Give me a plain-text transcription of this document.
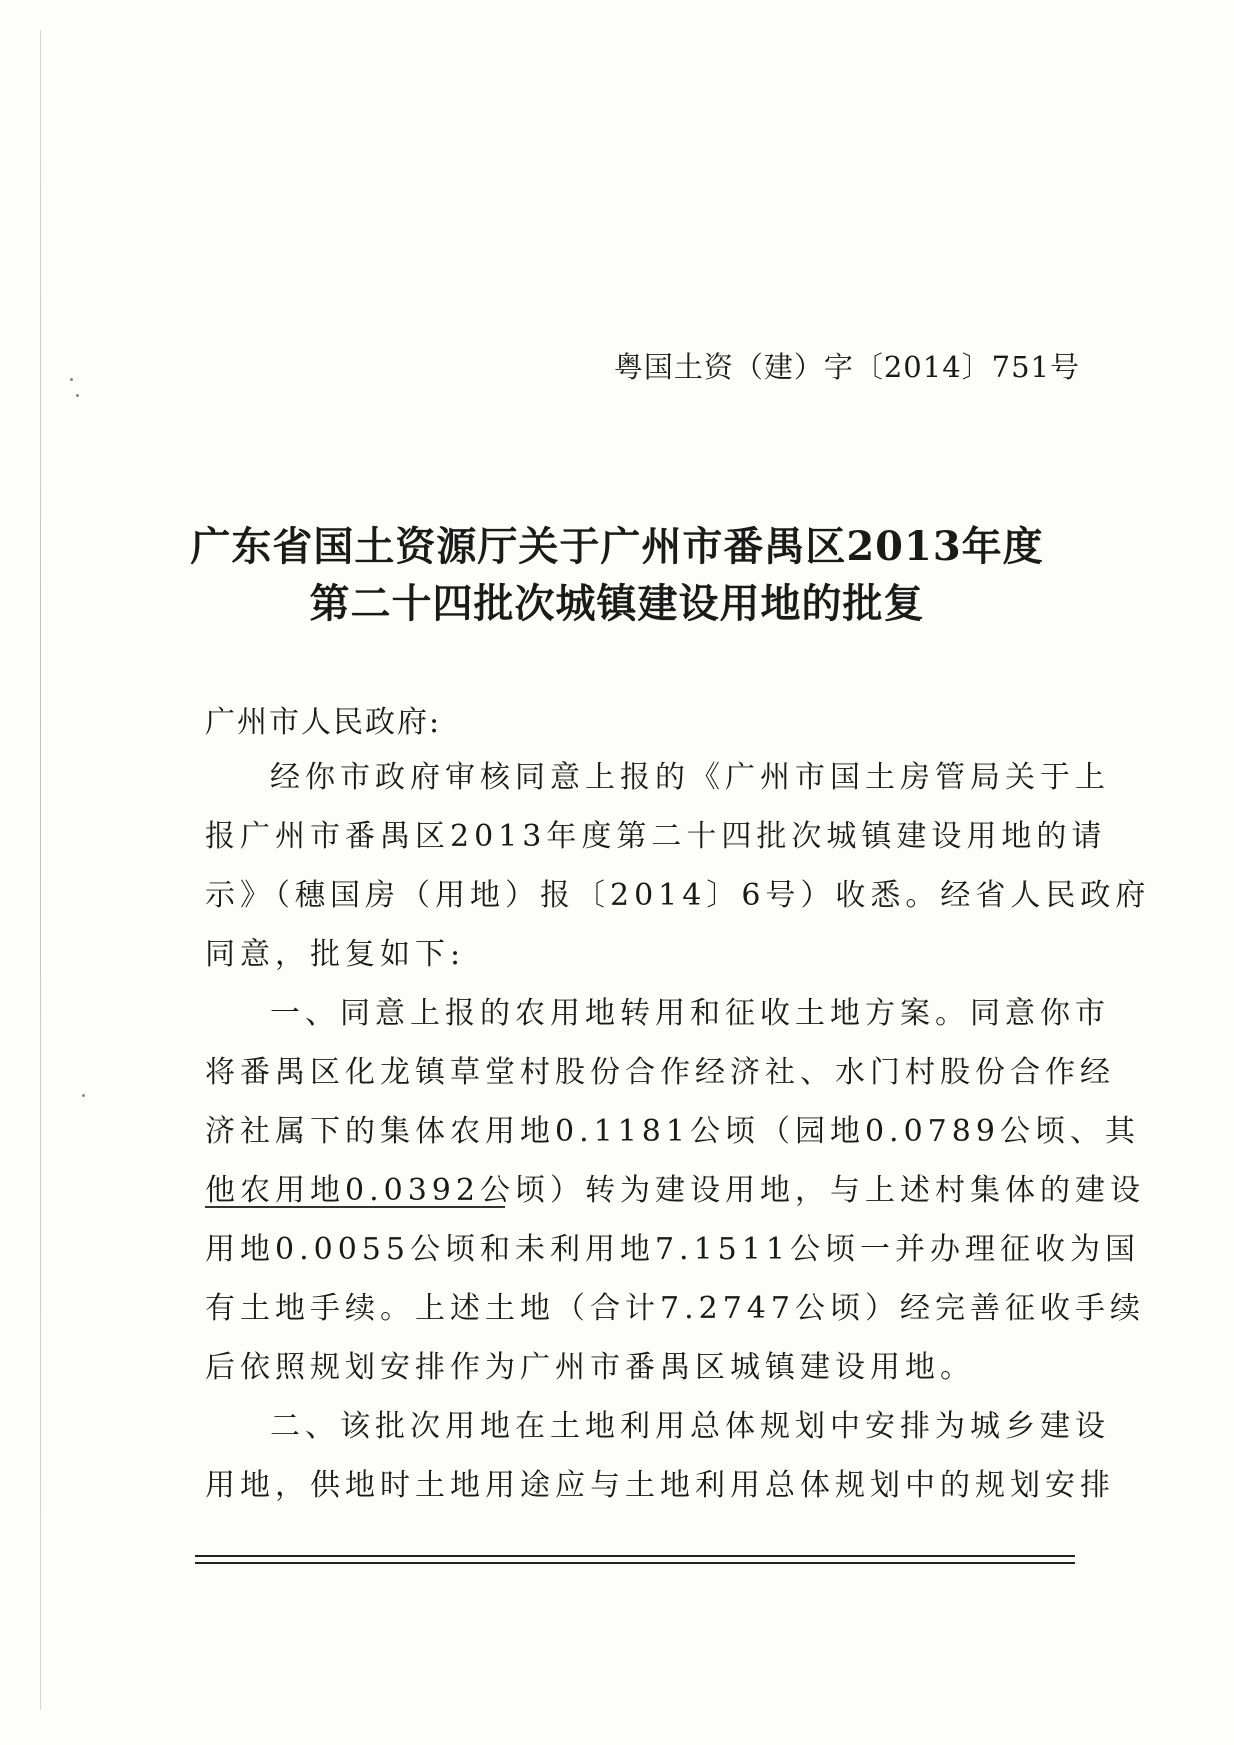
粤国土资（建）字〔2014〕751号
广东省国土资源厅关于广州市番禺区2013年度
第二十四批次城镇建设用地的批复
广州市人民政府:
经你市政府审核同意上报的《广州市国土房管局关于上
报广州市番禺区2013年度第二十四批次城镇建设用地的请
示》（穗国房（用地）报〔2014〕6号）收悉。经省人民政府
同意，批复如下:
一、同意上报的农用地转用和征收土地方案。同意你市
将番禺区化龙镇草堂村股份合作经济社、水门村股份合作经
济社属下的集体农用地0.1181公顷（园地0.0789公顷、其
他农用地0.0392公顷）转为建设用地，与上述村集体的建设
用地0.0055公顷和未利用地7.1511公顷一并办理征收为国
有土地手续。上述土地（合计7.2747公顷）经完善征收手续
后依照规划安排作为广州市番禺区城镇建设用地。
二、该批次用地在土地利用总体规划中安排为城乡建设
用地，供地时土地用途应与土地利用总体规划中的规划安排
